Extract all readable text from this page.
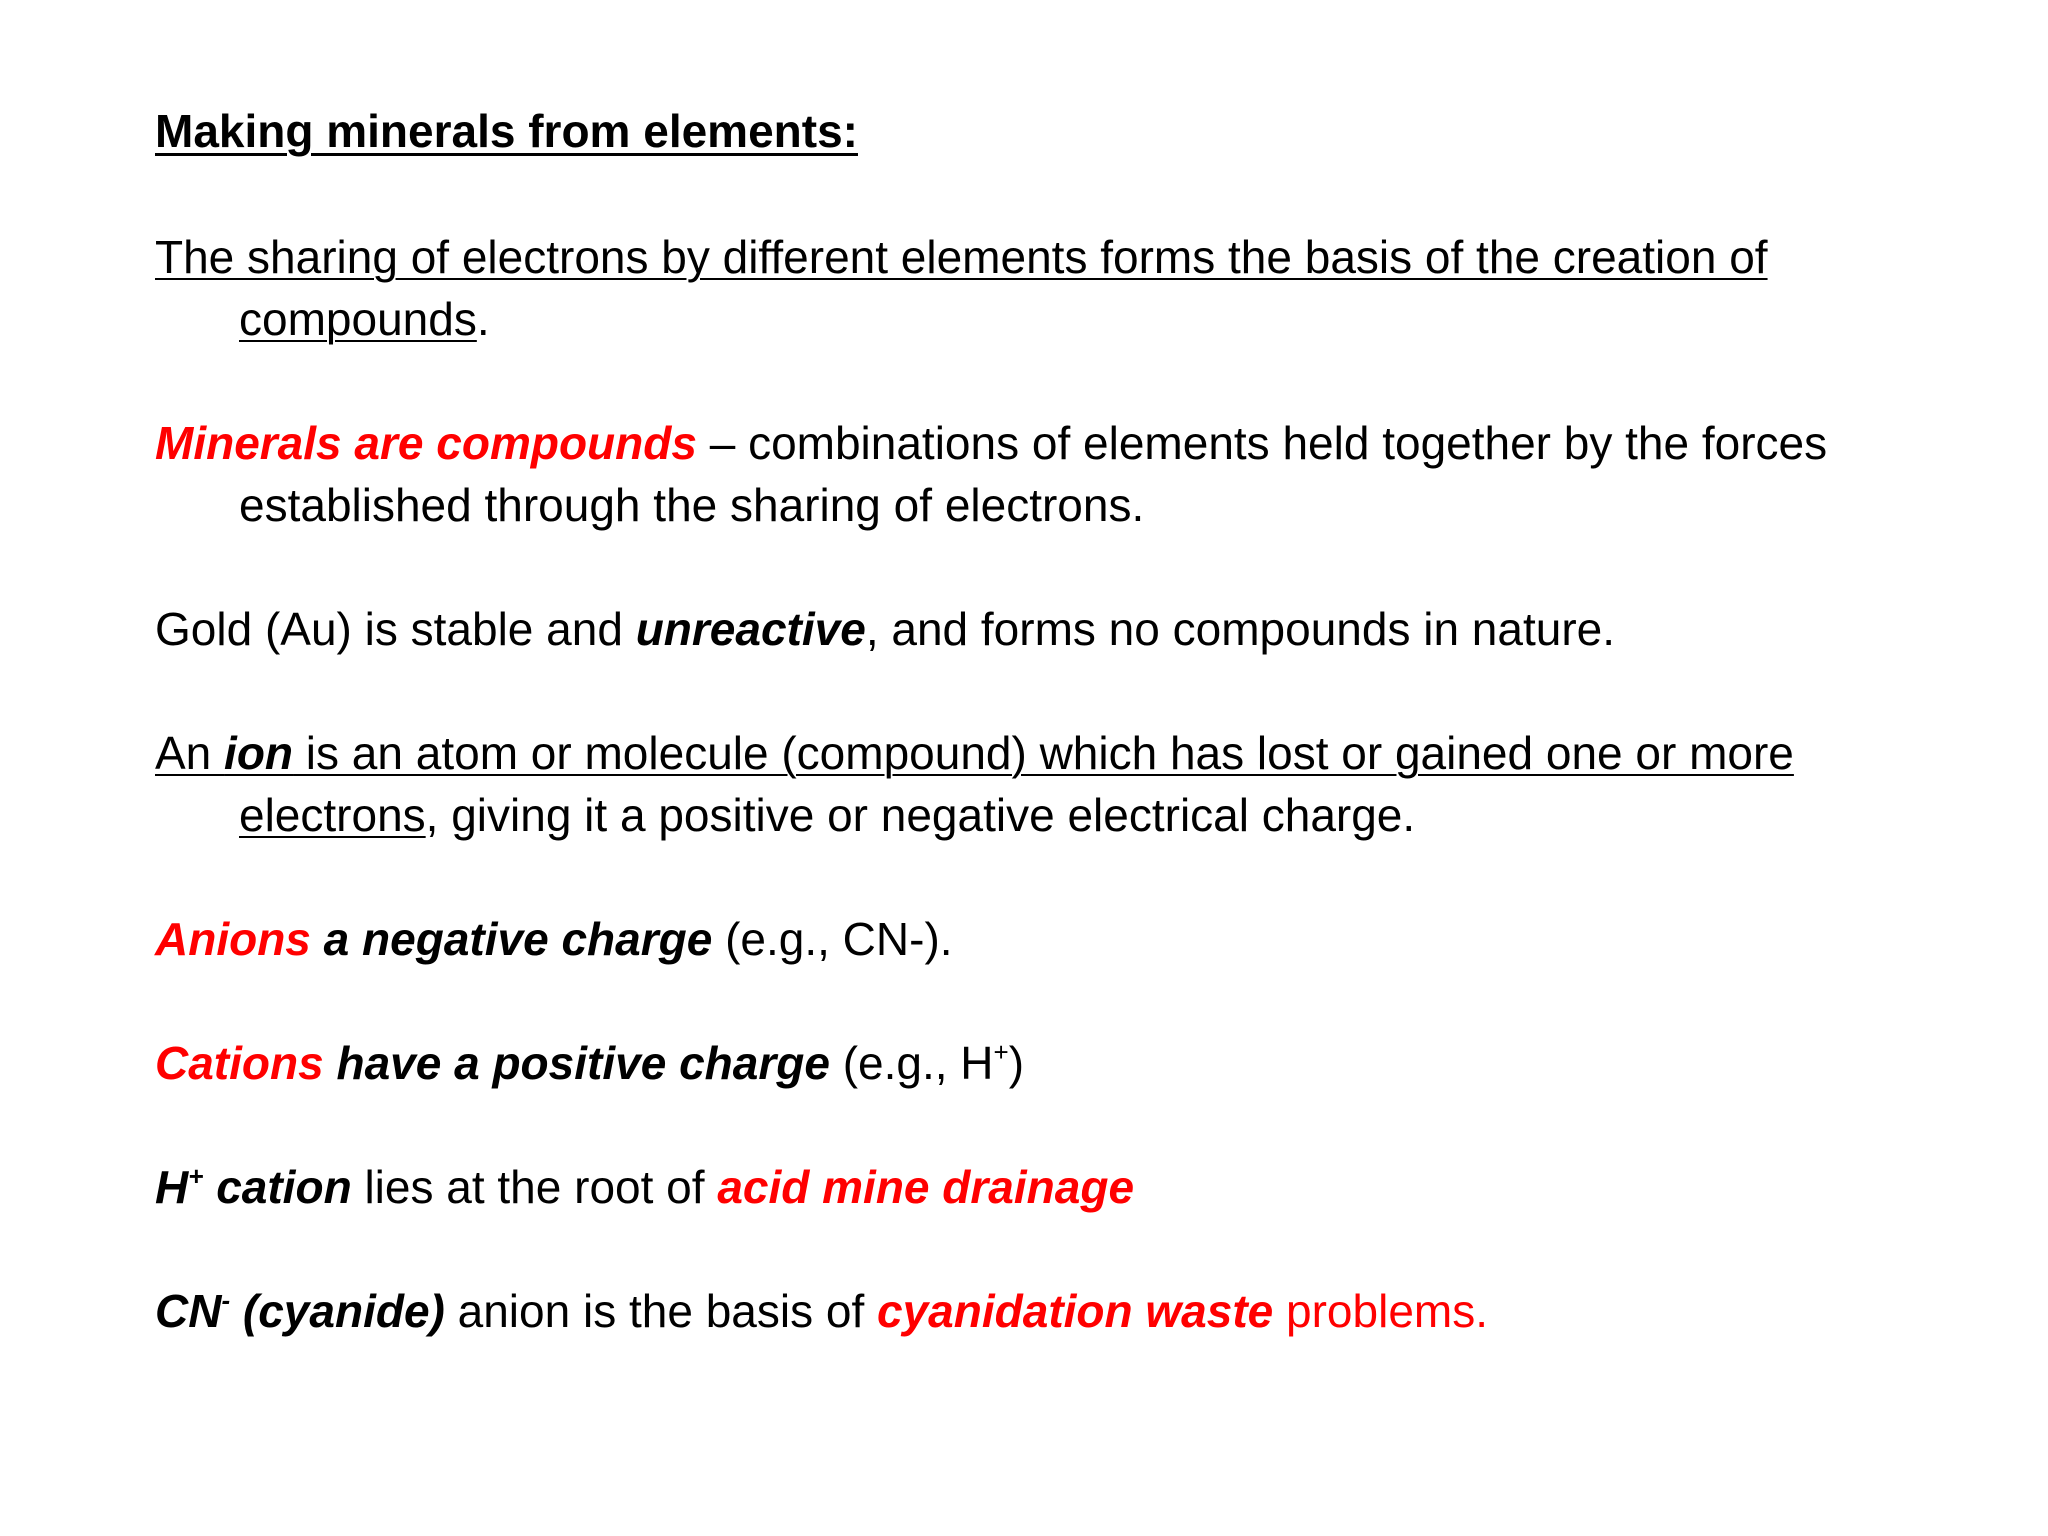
Making minerals from elements:
The sharing of electrons by different elements forms the basis of the creation of compounds.
Minerals are compounds – combinations of elements held together by the forces established through the sharing of electrons.
Gold (Au) is stable and unreactive, and forms no compounds in nature.
An ion is an atom or molecule (compound) which has lost or gained one or more electrons, giving it a positive or negative electrical charge.
Anions a negative charge (e.g., CN-).
Cations have a positive charge (e.g., H+)
H+ cation lies at the root of acid mine drainage
CN- (cyanide) anion is the basis of cyanidation waste problems.
